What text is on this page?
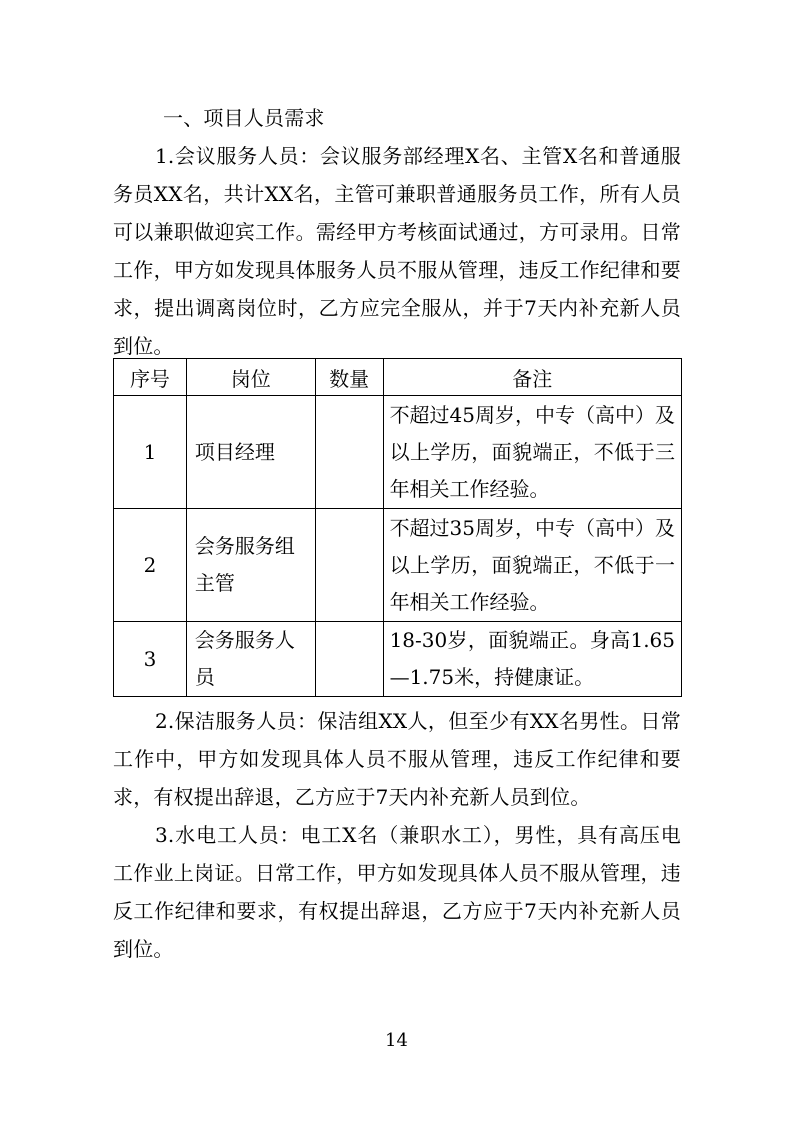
一、项目人员需求

1.会议服务人员：会议服务部经理X名、主管X名和普通服务员XX名，共计XX名，主管可兼职普通服务员工作，所有人员可以兼职做迎宾工作。需经甲方考核面试通过，方可录用。日常工作，甲方如发现具体服务人员不服从管理，违反工作纪律和要求，提出调离岗位时，乙方应完全服从，并于7天内补充新人员到位。

序号	岗位	数量	备注
1	项目经理		不超过45周岁，中专（高中）及以上学历，面貌端正，不低于三年相关工作经验。
2	会务服务组主管		不超过35周岁，中专（高中）及以上学历，面貌端正，不低于一年相关工作经验。
3	会务服务人员		18-30岁，面貌端正。身高1.65—1.75米，持健康证。

2.保洁服务人员：保洁组XX人，但至少有XX名男性。日常工作中，甲方如发现具体人员不服从管理，违反工作纪律和要求，有权提出辞退，乙方应于7天内补充新人员到位。

3.水电工人员：电工X名（兼职水工），男性，具有高压电工作业上岗证。日常工作，甲方如发现具体人员不服从管理，违反工作纪律和要求，有权提出辞退，乙方应于7天内补充新人员到位。

14
